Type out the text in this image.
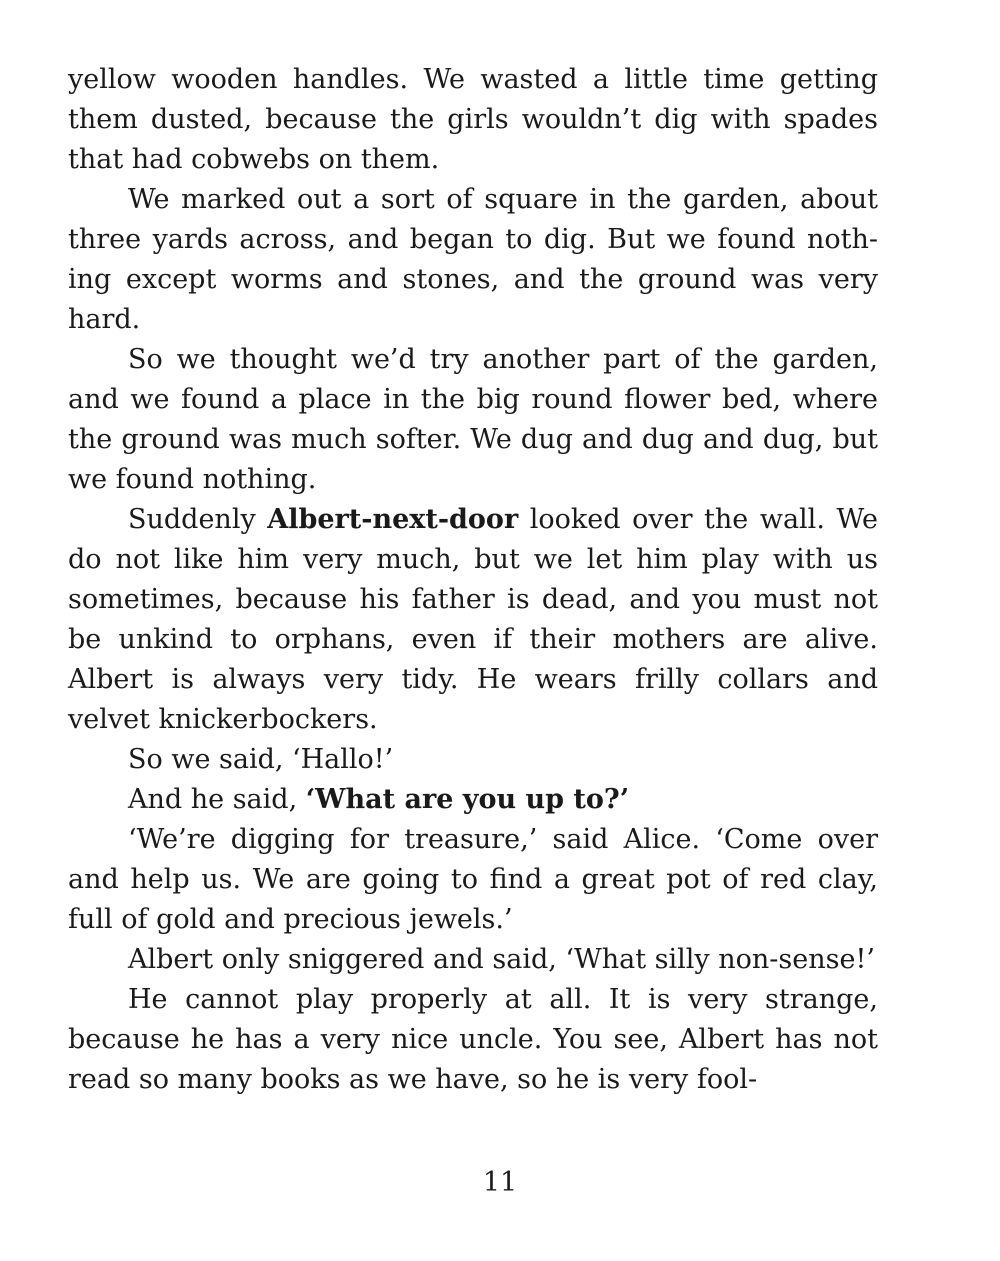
yellow wooden handles. We wasted a little time getting them dusted, because the girls wouldn’t dig with spades that had cobwebs on them.

We marked out a sort of square in the garden, about three yards across, and began to dig. But we found noth-ing except worms and stones, and the ground was very hard.

So we thought we’d try another part of the garden, and we found a place in the big round flower bed, where the ground was much softer. We dug and dug and dug, but we found nothing.

Suddenly Albert-next-door looked over the wall. We do not like him very much, but we let him play with us sometimes, because his father is dead, and you must not be unkind to orphans, even if their mothers are alive. Albert is always very tidy. He wears frilly collars and velvet knickerbockers.

So we said, ‘Hallo!’

And he said, ‘What are you up to?’

‘We’re digging for treasure,’ said Alice. ‘Come over and help us. We are going to find a great pot of red clay, full of gold and precious jewels.’

Albert only sniggered and said, ‘What silly non-sense!’

He cannot play properly at all. It is very strange, because he has a very nice uncle. You see, Albert has not read so many books as we have, so he is very fool-

11
